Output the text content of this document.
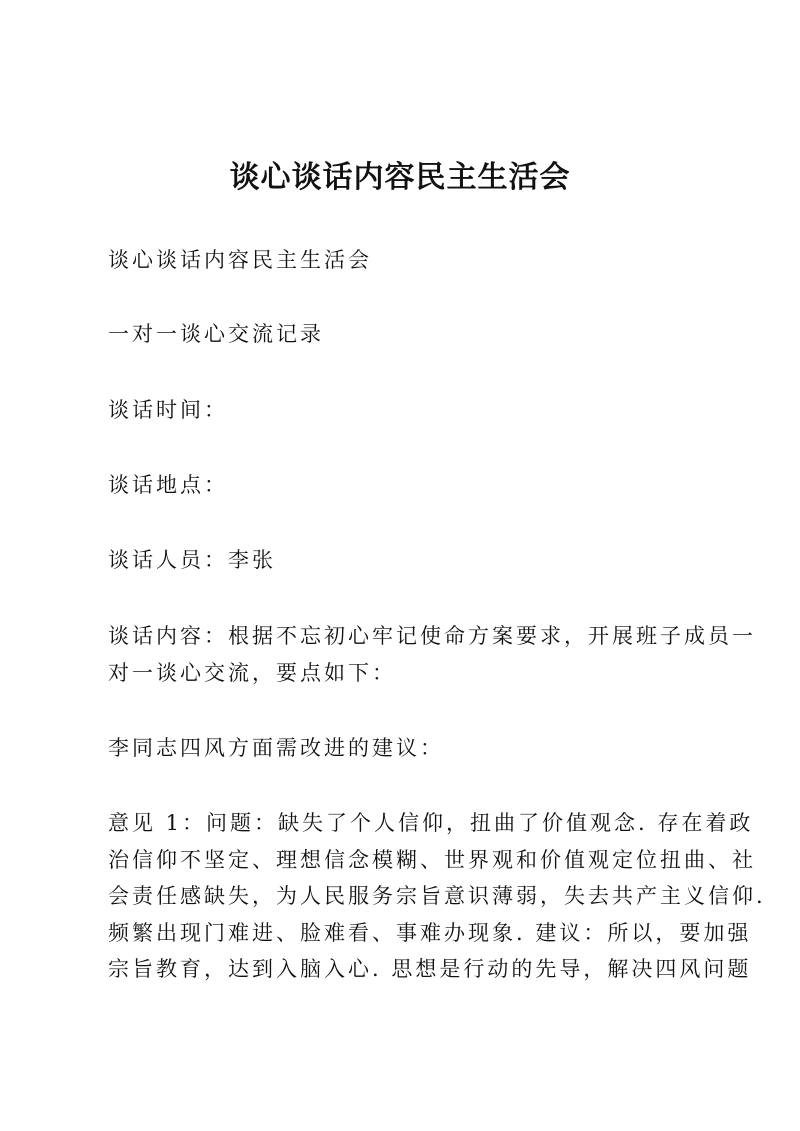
谈心谈话内容民主生活会
谈心谈话内容民主生活会
一对一谈心交流记录
谈话时间：
谈话地点：
谈话人员：李张
谈话内容：根据不忘初心牢记使命方案要求，开展班子成员一
对一谈心交流，要点如下：
李同志四风方面需改进的建议：
意见 1：问题：缺失了个人信仰，扭曲了价值观念. 存在着政
治信仰不坚定、理想信念模糊、世界观和价值观定位扭曲、社
会责任感缺失，为人民服务宗旨意识薄弱，失去共产主义信仰.
频繁出现门难进、脸难看、事难办现象. 建议：所以，要加强
宗旨教育，达到入脑入心. 思想是行动的先导，解决四风问题
